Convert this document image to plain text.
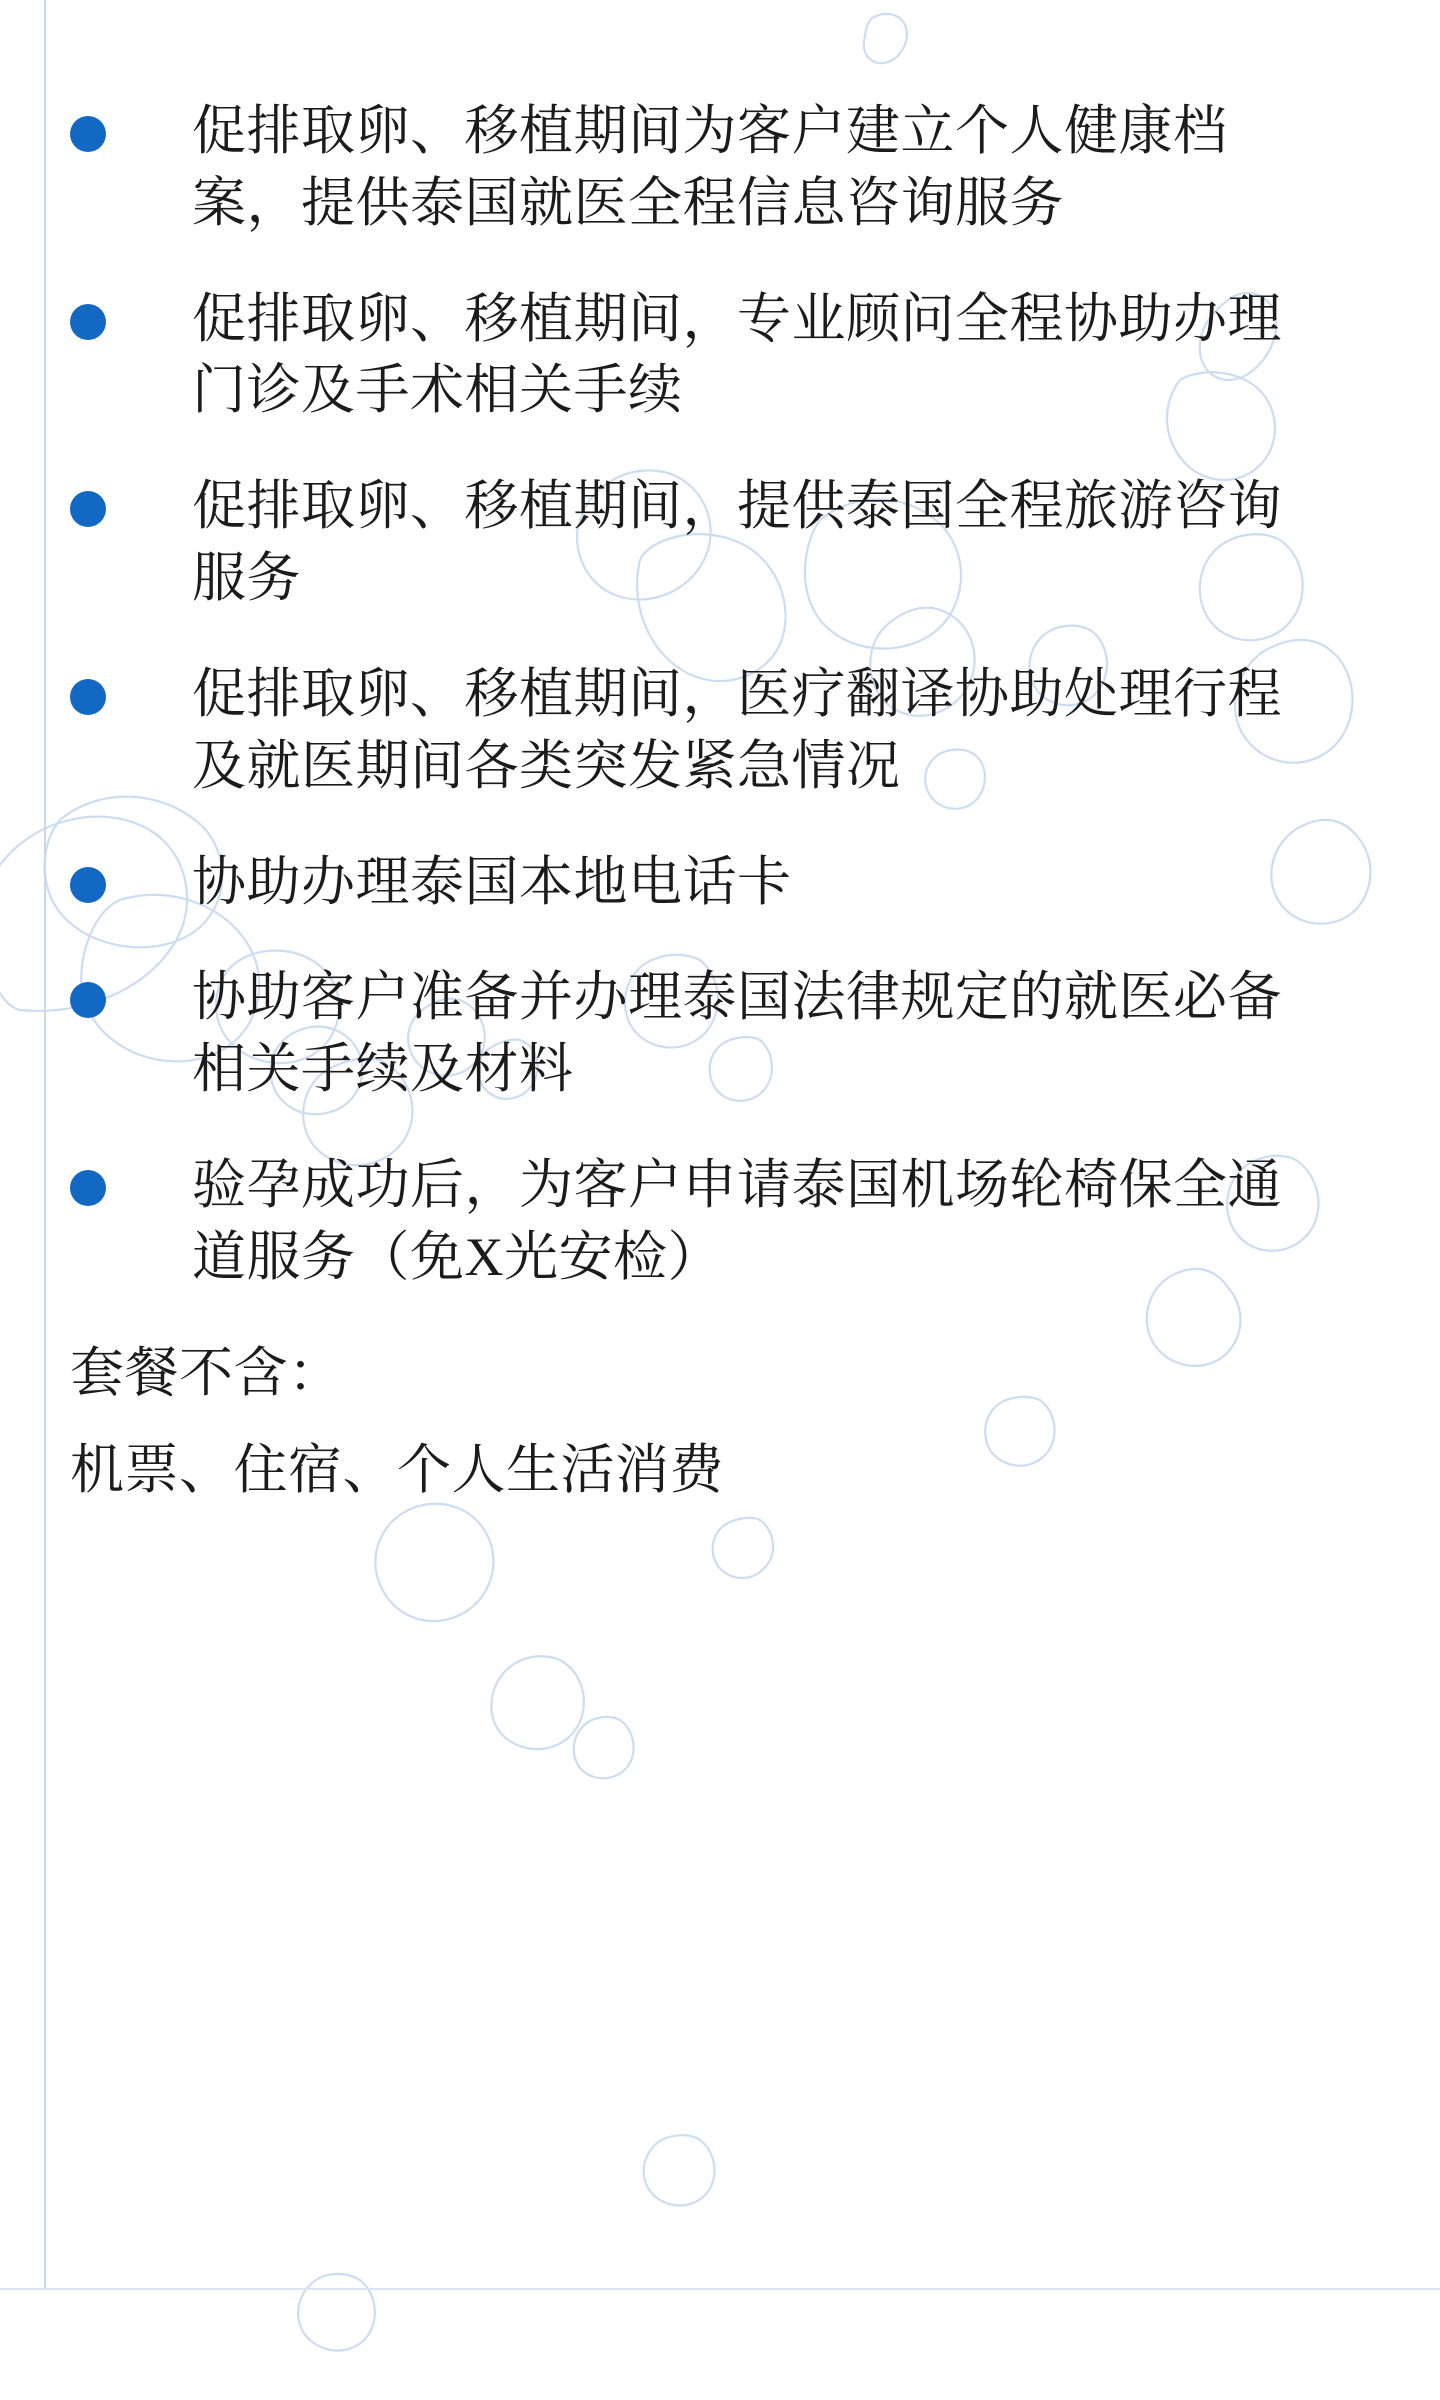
促排取卵、移植期间为客户建立个人健康档案，提供泰国就医全程信息咨询服务
促排取卵、移植期间，专业顾问全程协助办理门诊及手术相关手续
促排取卵、移植期间，提供泰国全程旅游咨询服务
促排取卵、移植期间，医疗翻译协助处理行程及就医期间各类突发紧急情况
协助办理泰国本地电话卡
协助客户准备并办理泰国法律规定的就医必备相关手续及材料
验孕成功后，为客户申请泰国机场轮椅保全通道服务（免X光安检）
套餐不含：
机票、住宿、个人生活消费
